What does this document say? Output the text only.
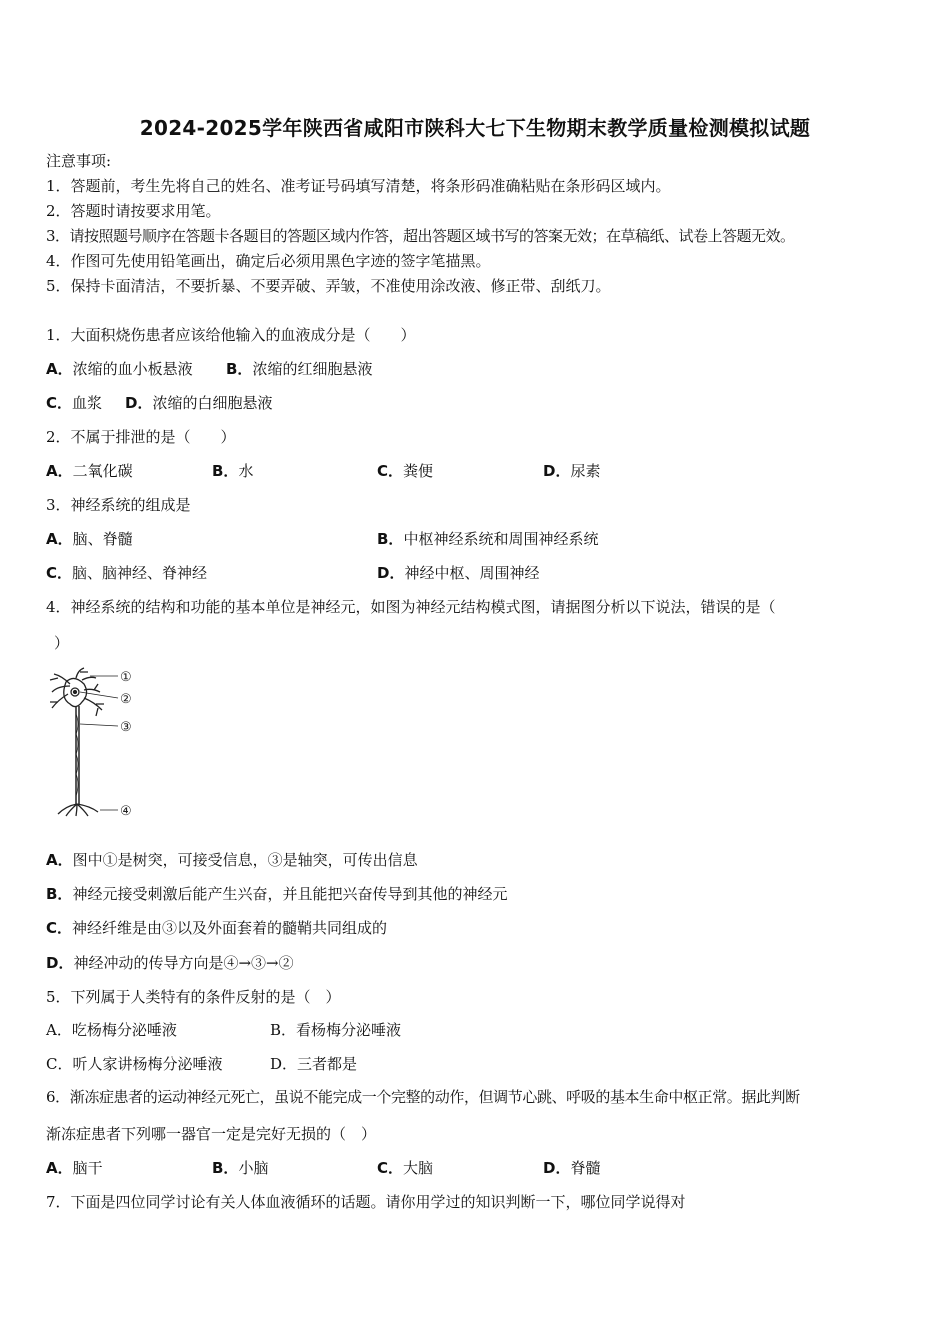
2024-2025学年陕西省咸阳市陕科大七下生物期末教学质量检测模拟试题
注意事项:
1．答题前，考生先将自己的姓名、准考证号码填写清楚，将条形码准确粘贴在条形码区域内。
2．答题时请按要求用笔。
3．请按照题号顺序在答题卡各题目的答题区域内作答，超出答题区域书写的答案无效；在草稿纸、试卷上答题无效。
4．作图可先使用铅笔画出，确定后必须用黑色字迹的签字笔描黑。
5．保持卡面清洁，不要折暴、不要弄破、弄皱，不准使用涂改液、修正带、刮纸刀。
1．大面积烧伤患者应该给他输入的血液成分是（　　）
A．浓缩的血小板悬液 B．浓缩的红细胞悬液
C．血浆 D．浓缩的白细胞悬液
2．不属于排泄的是（　　）
A．二氧化碳	B．水	C．粪便	D．尿素
3．神经系统的组成是
A．脑、脊髓	B．中枢神经系统和周围神经系统
C．脑、脑神经、脊神经	D．神经中枢、周围神经
4．神经系统的结构和功能的基本单位是神经元，如图为神经元结构模式图，请据图分析以下说法，错误的是（
）
①
②
③
④
A．图中①是树突，可接受信息，③是轴突，可传出信息
B．神经元接受刺激后能产生兴奋，并且能把兴奋传导到其他的神经元
C．神经纤维是由③以及外面套着的髓鞘共同组成的
D．神经冲动的传导方向是④→③→②
5．下列属于人类特有的条件反射的是（　）
A．吃杨梅分泌唾液	B．看杨梅分泌唾液
C．听人家讲杨梅分泌唾液	D．三者都是
6．渐冻症患者的运动神经元死亡，虽说不能完成一个完整的动作，但调节心跳、呼吸的基本生命中枢正常。据此判断
渐冻症患者下列哪一器官一定是完好无损的（　）
A．脑干	B．小脑	C．大脑	D．脊髓
7．下面是四位同学讨论有关人体血液循环的话题。请你用学过的知识判断一下，哪位同学说得对
